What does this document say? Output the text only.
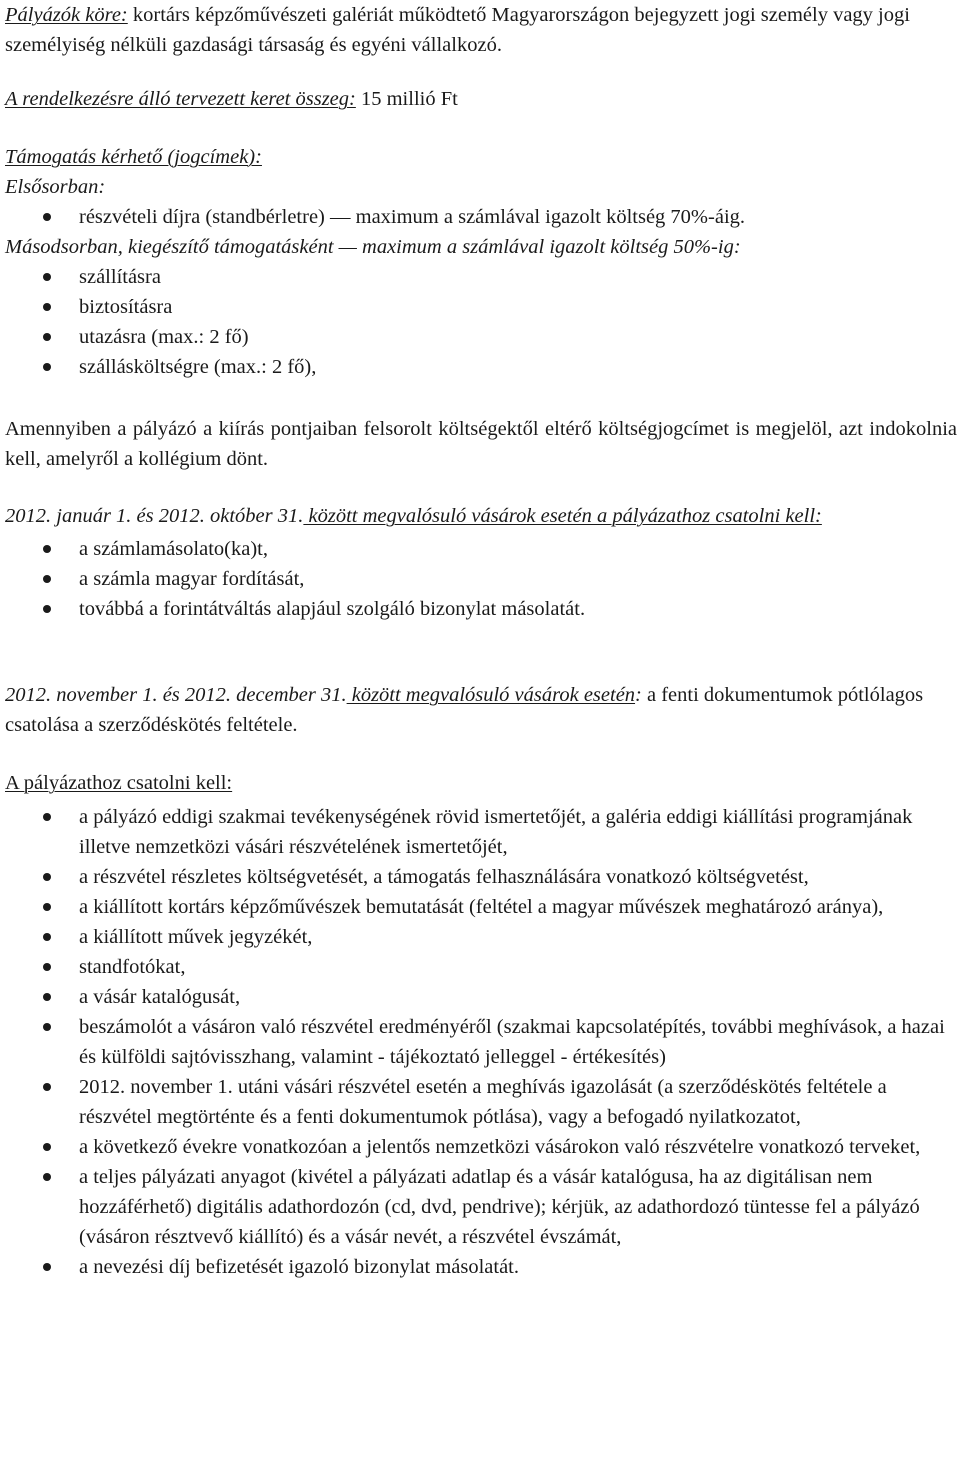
Pályázók köre: kortárs képzőművészeti galériát működtető Magyarországon bejegyzett jogi személy vagy jogi személyiség nélküli gazdasági társaság és egyéni vállalkozó.

A rendelkezésre álló tervezett keret összeg: 15 millió Ft

Támogatás kérhető (jogcímek):

Elsősorban:

részvételi díjra (standbérletre) — maximum a számlával igazolt költség 70%-áig.

Másodsorban, kiegészítő támogatásként — maximum a számlával igazolt költség 50%-ig:

szállításra
biztosításra
utazásra (max.: 2 fő)
szállásköltségre (max.: 2 fő),

Amennyiben a pályázó a kiírás pontjaiban felsorolt költségektől eltérő költségjogcímet is megjelöl, azt indokolnia kell, amelyről a kollégium dönt.

2012. január 1. és 2012. október 31. között megvalósuló vásárok esetén a pályázathoz csatolni kell:

a számlamásolato(ka)t,
a számla magyar fordítását,
továbbá a forintátváltás alapjául szolgáló bizonylat másolatát.

2012. november 1. és 2012. december 31. között megvalósuló vásárok esetén: a fenti dokumentumok pótlólagos csatolása a szerződéskötés feltétele.

A pályázathoz csatolni kell:

a pályázó eddigi szakmai tevékenységének rövid ismertetőjét, a galéria eddigi kiállítási programjának illetve nemzetközi vásári részvételének ismertetőjét,
a részvétel részletes költségvetését, a támogatás felhasználására vonatkozó költségvetést,
a kiállított kortárs képzőművészek bemutatását (feltétel a magyar művészek meghatározó aránya),
a kiállított művek jegyzékét,
standfotókat,
a vásár katalógusát,
beszámolót a vásáron való részvétel eredményéről (szakmai kapcsolatépítés, további meghívások, a hazai és külföldi sajtóvisszhang, valamint - tájékoztató jelleggel - értékesítés)
2012. november 1. utáni vásári részvétel esetén a meghívás igazolását (a szerződéskötés feltétele a részvétel megtörténte és a fenti dokumentumok pótlása), vagy a befogadó nyilatkozatot,
a következő évekre vonatkozóan a jelentős nemzetközi vásárokon való részvételre vonatkozó terveket,
a teljes pályázati anyagot (kivétel a pályázati adatlap és a vásár katalógusa, ha az digitálisan nem hozzáférhető) digitális adathordozón (cd, dvd, pendrive); kérjük, az adathordozó tüntesse fel a pályázó (vásáron résztvevő kiállító) és a vásár nevét, a részvétel évszámát,
a nevezési díj befizetését igazoló bizonylat másolatát.
